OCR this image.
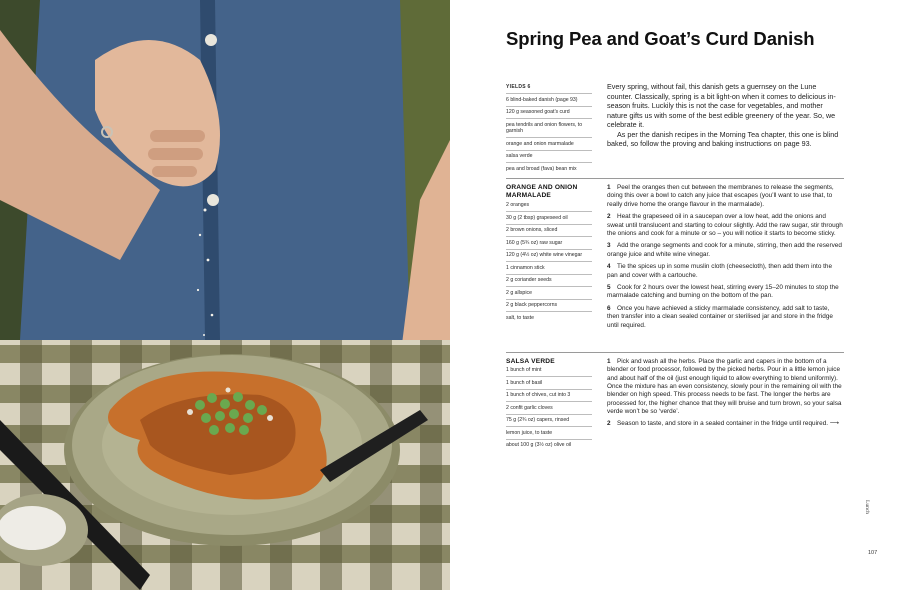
Spring Pea and Goat’s Curd Danish
YIELDS 6
6 blind-baked danish (page 93)
120 g seasoned goat’s curd
pea tendrils and onion flowers, to garnish
orange and onion marmalade
salsa verde
pea and broad (fava) bean mix

Every spring, without fail, this danish gets a guernsey on the Lune counter. Classically, spring is a bit light-on when it comes to delicious in-season fruits. Luckily this is not the case for vegetables, and mother nature gifts us with some of the best edible greenery of the year. So, we celebrate it.

As per the danish recipes in the Morning Tea chapter, this one is blind baked, so follow the proving and baking instructions on page 93.

ORANGE AND ONION MARMALADE
2 oranges
30 g (2 tbsp) grapeseed oil
2 brown onions, sliced
160 g (5¾ oz) raw sugar
120 g (4½ oz) white wine vinegar
1 cinnamon stick
2 g coriander seeds
2 g allspice
2 g black peppercorns
salt, to taste
1 Peel the oranges then cut between the membranes to release the segments, doing this over a bowl to catch any juice that escapes (you’ll want to use that, to really drive home the orange flavour in the marmalade).
2 Heat the grapeseed oil in a saucepan over a low heat, add the onions and sweat until translucent and starting to colour slightly. Add the raw sugar, stir through the onions and cook for a minute or so – you will notice it starts to become sticky.
3 Add the orange segments and cook for a minute, stirring, then add the reserved orange juice and white wine vinegar.
4 Tie the spices up in some muslin cloth (cheesecloth), then add them into the pan and cover with a cartouche.
5 Cook for 2 hours over the lowest heat, stirring every 15–20 minutes to stop the marmalade catching and burning on the bottom of the pan.
6 Once you have achieved a sticky marmalade consistency, add salt to taste, then transfer into a clean sealed container or sterilised jar and store in the fridge until required.
SALSA VERDE
1 bunch of mint
1 bunch of basil
1 bunch of chives, cut into 3
2 confit garlic cloves
75 g (2¾ oz) capers, rinsed
lemon juice, to taste
about 100 g (3½ oz) olive oil
1 Pick and wash all the herbs. Place the garlic and capers in the bottom of a blender or food processor, followed by the picked herbs. Pour in a little lemon juice and about half of the oil (just enough liquid to allow everything to blend uniformly). Once the mixture has an even consistency, slowly pour in the remaining oil with the blender on high speed. This process needs to be fast. The longer the herbs are processed for, the higher chance that they will bruise and turn brown, so your salsa verde won’t be so ‘verde’.
2 Season to taste, and store in a sealed container in the fridge until required. ⟶
Lunch
107
